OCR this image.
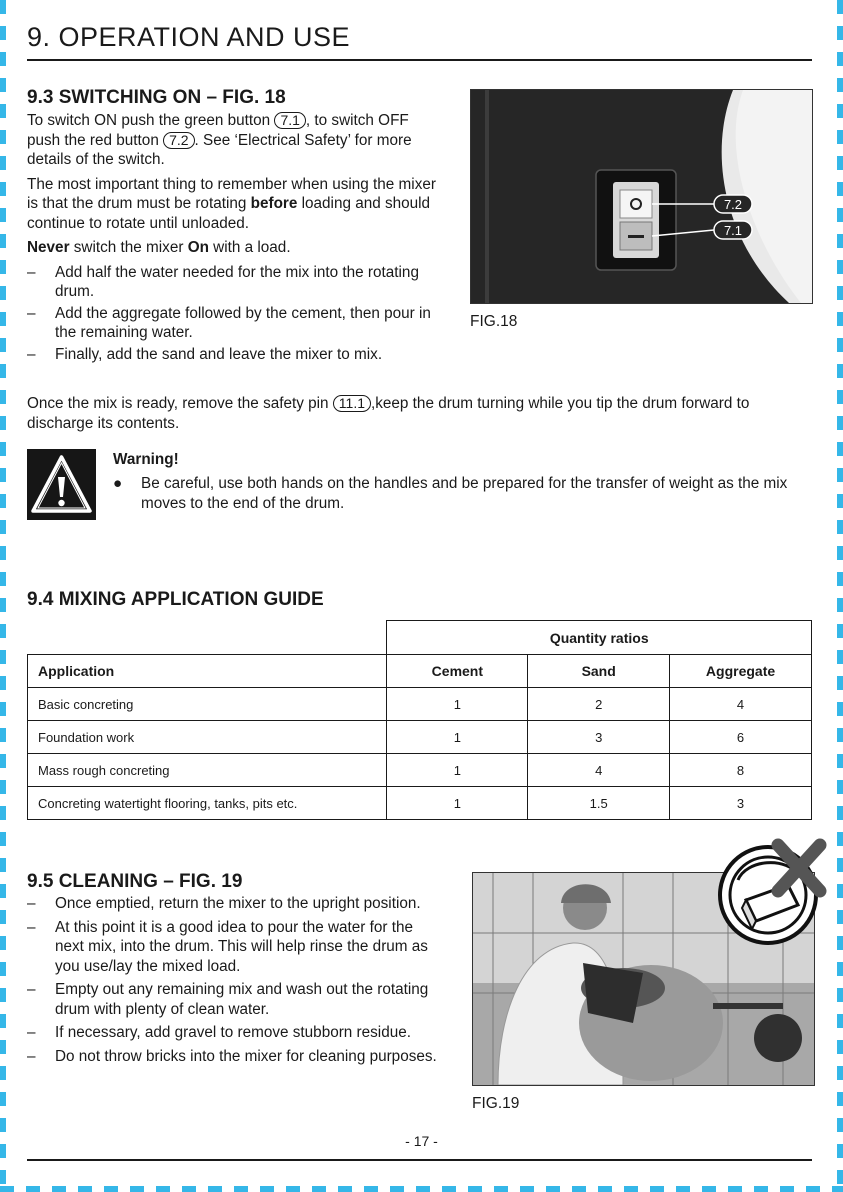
9. OPERATION AND USE
9.3 SWITCHING ON – FIG. 18

To switch ON push the green button 7.1 , to switch OFF push the red button 7.2 . See ‘Electrical Safety’ for more details of the switch.

The most important thing to remember when using the mixer is that the drum must be rotating before loading and should continue to rotate until unloaded.

Never switch the mixer On with a load.

–	Add half the water needed for the mix into the rotating drum.
–	Add the aggregate followed by the cement, then pour in the remaining water.
–	Finally, add the sand and leave the mixer to mix.
Once the mix is ready, remove the safety pin 11.1 ,keep the drum turning while you tip the drum forward to discharge its contents.
7.2
7.1
FIG.18
Warning!
●	Be careful, use both hands on the handles and be prepared for the transfer of weight as the mix moves to the end of the drum.
9.4 MIXING APPLICATION GUIDE
	Quantity ratios		
Application	Cement	Sand	Aggregate
Basic concreting	1	2	4
Foundation work	1	3	6
Mass rough concreting	1	4	8
Concreting watertight flooring, tanks, pits etc.	1	1.5	3
9.5 CLEANING – FIG. 19
–	Once emptied, return the mixer to the upright position.
–	At this point it is a good idea to pour the water for the next mix, into the drum. This will help rinse the drum as you use/lay the mixed load.
–	Empty out any remaining mix and wash out the rotating drum with plenty of clean water.
–	If necessary, add gravel to remove stubborn residue.
–	Do not throw bricks into the mixer for cleaning purposes.
FIG.19
- 17 -
